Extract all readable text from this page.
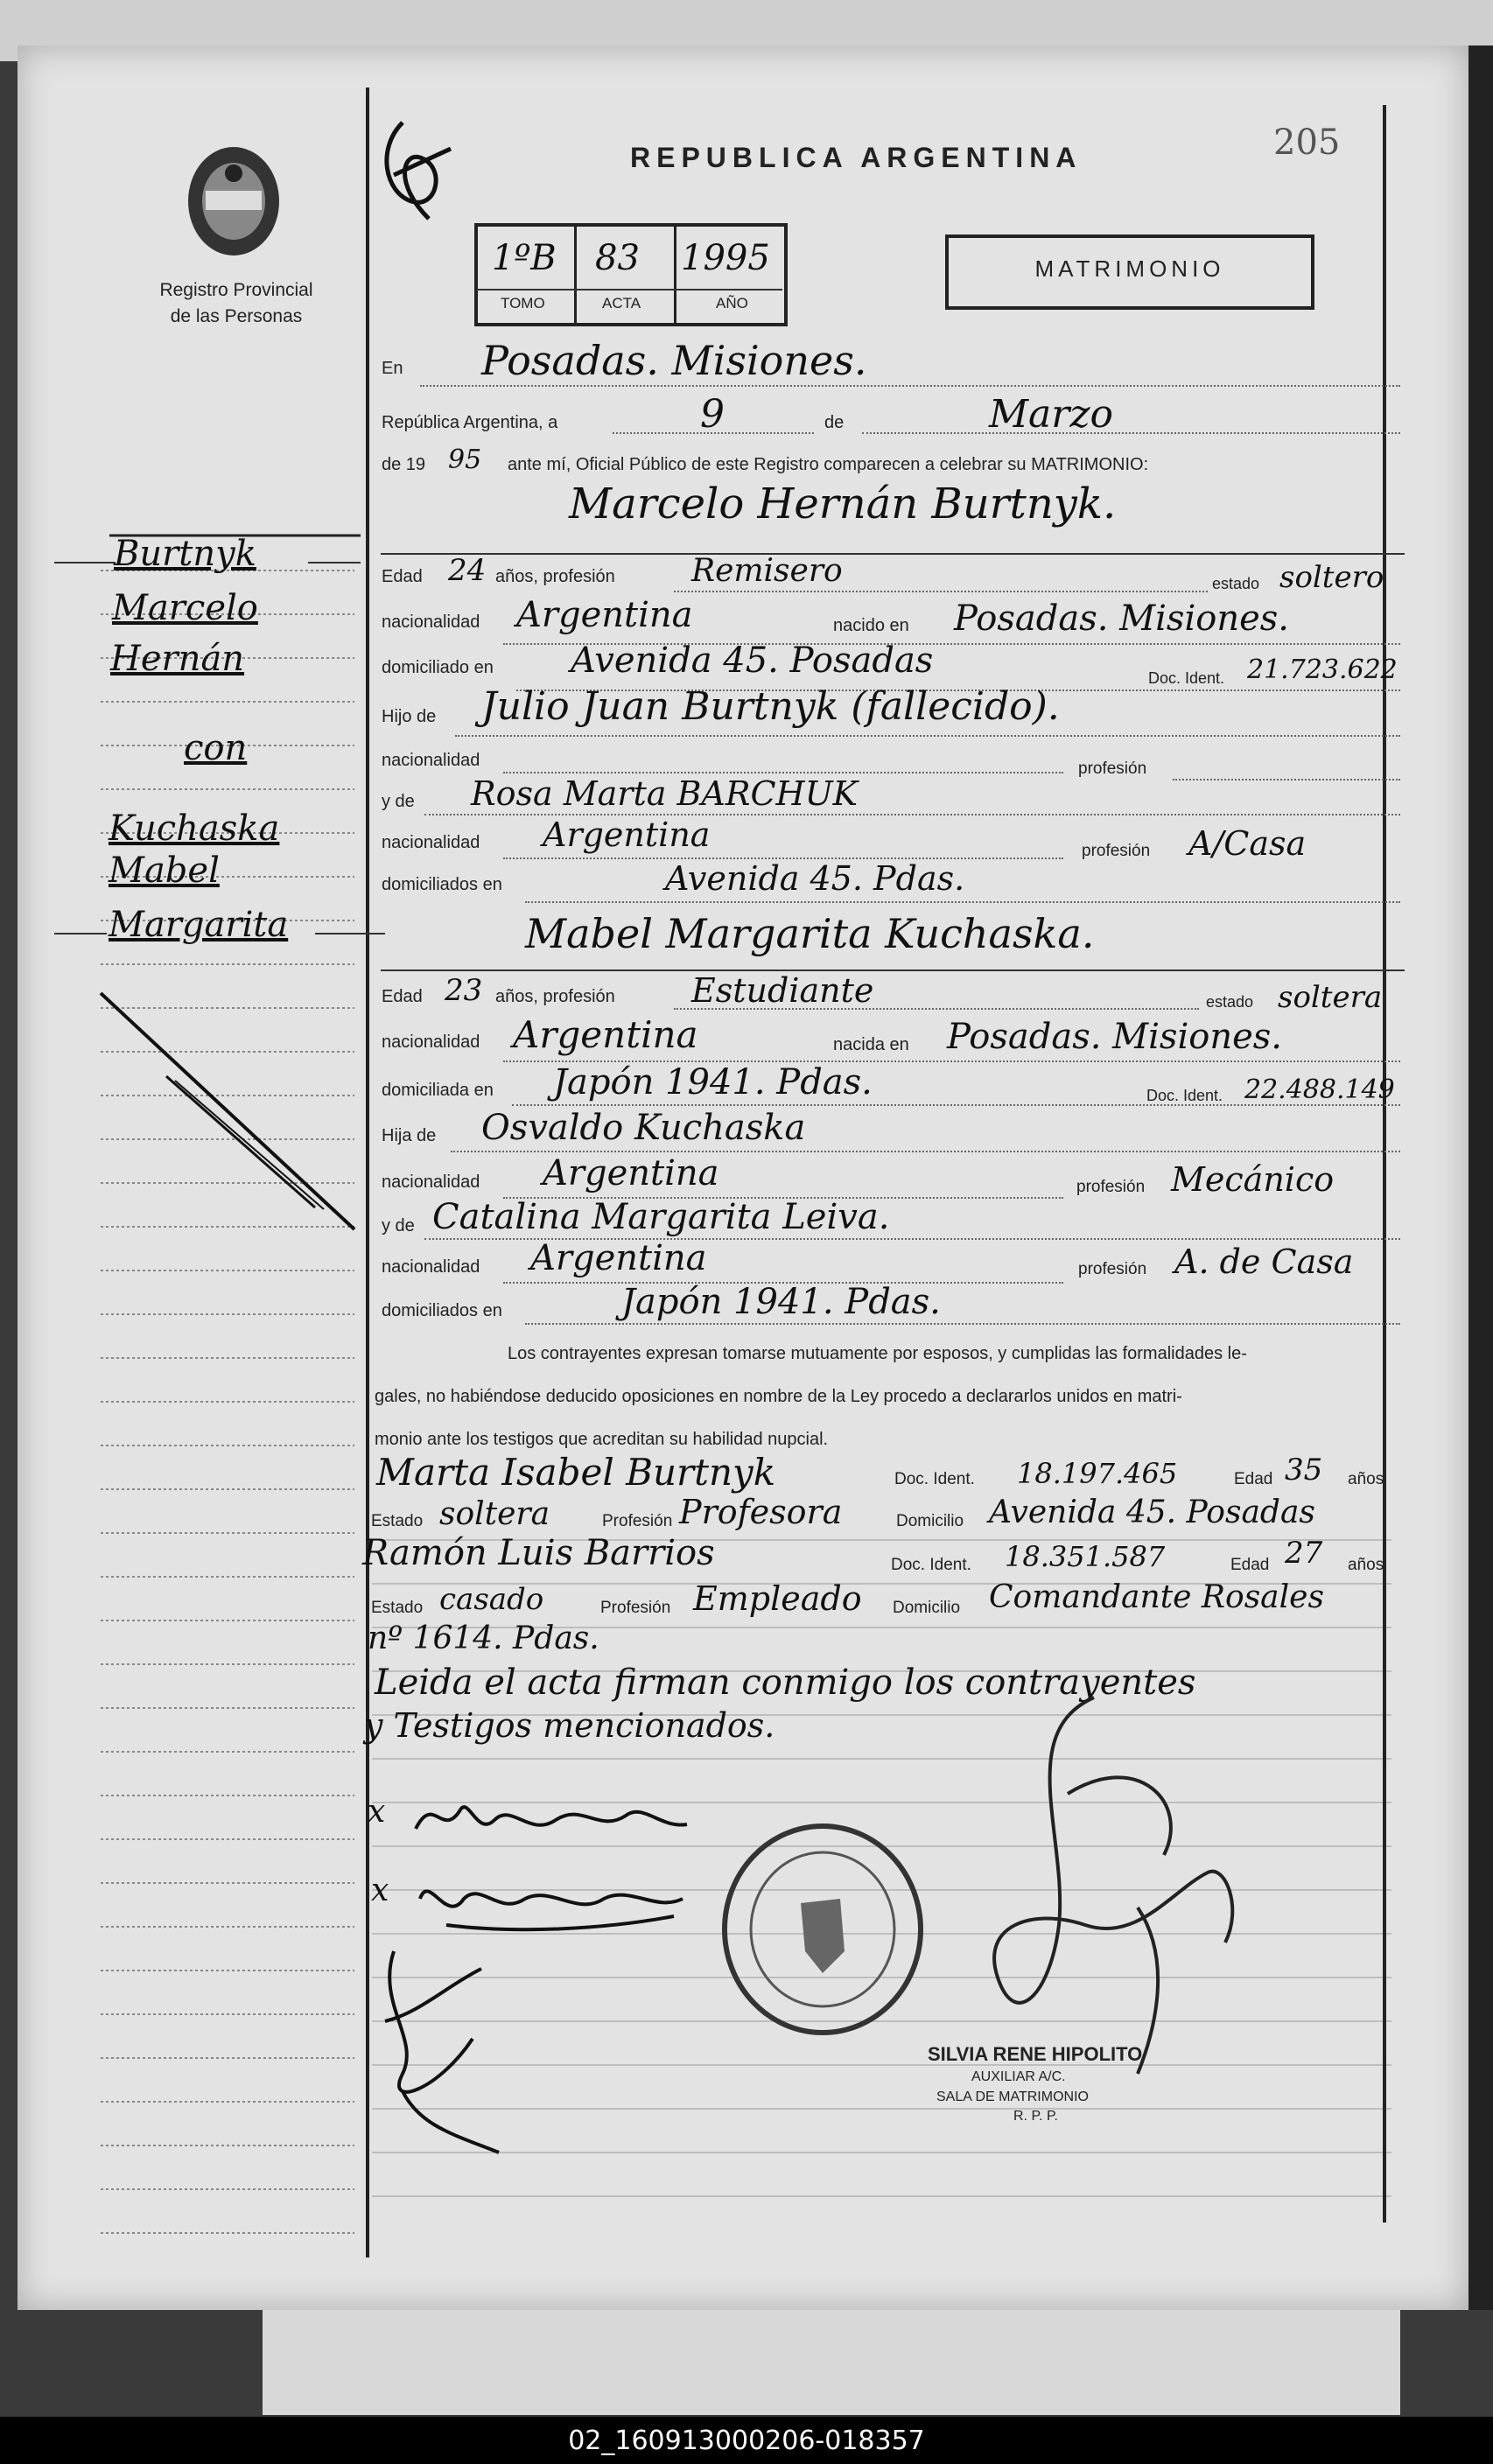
Registro Provincial
de las Personas
REPUBLICA ARGENTINA	205
1ºB 83 1995
TOMO	ACTA	AÑO
MATRIMONIO
En Posadas. Misiones.
República Argentina, a	9	de	Marzo
de 19 95 ante mí, Oficial Público de este Registro comparecen a celebrar su MATRIMONIO:
Marcelo Hernán Burtnyk.
Edad 24 años, profesión Remisero	estado soltero
nacionalidad Argentina	nacido en Posadas. Misiones.
domiciliado en Avenida 45. Posadas	Doc. Ident. 21.723.622
Hijo de Julio Juan Burtnyk (fallecido).
nacionalidad	profesión
y de Rosa Marta BARCHUK
nacionalidad Argentina	profesión A/Casa
domiciliados en	Avenida 45. Pdas.
Mabel Margarita Kuchaska.
Edad 23 años, profesión Estudiante	estado soltera
nacionalidad Argentina	nacida en Posadas. Misiones.
domiciliada en Japón 1941. Pdas.	Doc. Ident. 22.488.149
Hija de Osvaldo Kuchaska
nacionalidad Argentina	profesión Mecánico
y de Catalina Margarita Leiva.
nacionalidad Argentina	profesión A. de Casa
domiciliados en	Japón 1941. Pdas.
Los contrayentes expresan tomarse mutuamente por esposos, y cumplidas las formalidades le-
gales, no habiéndose deducido oposiciones en nombre de la Ley procedo a declararlos unidos en matri-
monio ante los testigos que acreditan su habilidad nupcial.
Marta Isabel Burtnyk	Doc. Ident. 18.197.465	Edad 35 años
Estado soltera	Profesión Profesora	Domicilio Avenida 45. Posadas
Ramón Luis Barrios	Doc. Ident. 18.351.587	Edad 27 años
Estado casado	Profesión Empleado Domicilio Comandante Rosales
nº 1614. Pdas.
Leida el acta firman conmigo los contrayentes
y Testigos mencionados.
x
x
SILVIA RENE HIPOLITO
AUXILIAR A/C.
SALA DE MATRIMONIO
R. P. P.
Burtnyk
Marcelo
Hernán
con
Kuchaska
Mabel
Margarita
02_160913000206-018357
